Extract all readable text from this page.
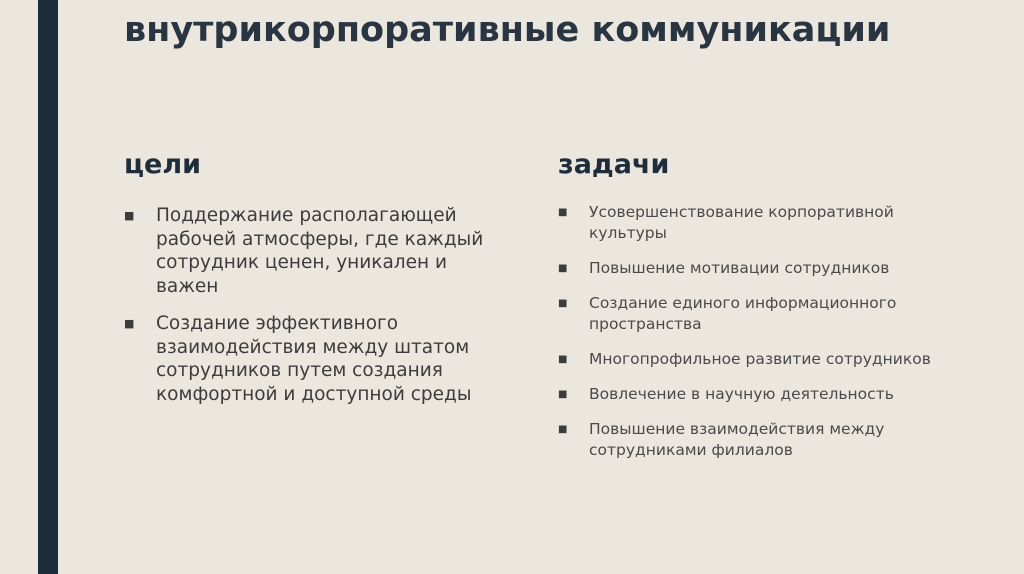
внутрикорпоративные коммуникации
цели
■	Поддержание располагающей рабочей атмосферы, где каждый сотрудник ценен, уникален и важен
■	Создание эффективного взаимодействия между штатом сотрудников путем создания комфортной и доступной среды
задачи
■	Усовершенствование корпоративной культуры
■	Повышение мотивации сотрудников
■	Создание единого информационного пространства
■	Многопрофильное развитие сотрудников
■	Вовлечение в научную деятельность
■	Повышение взаимодействия между сотрудниками филиалов
